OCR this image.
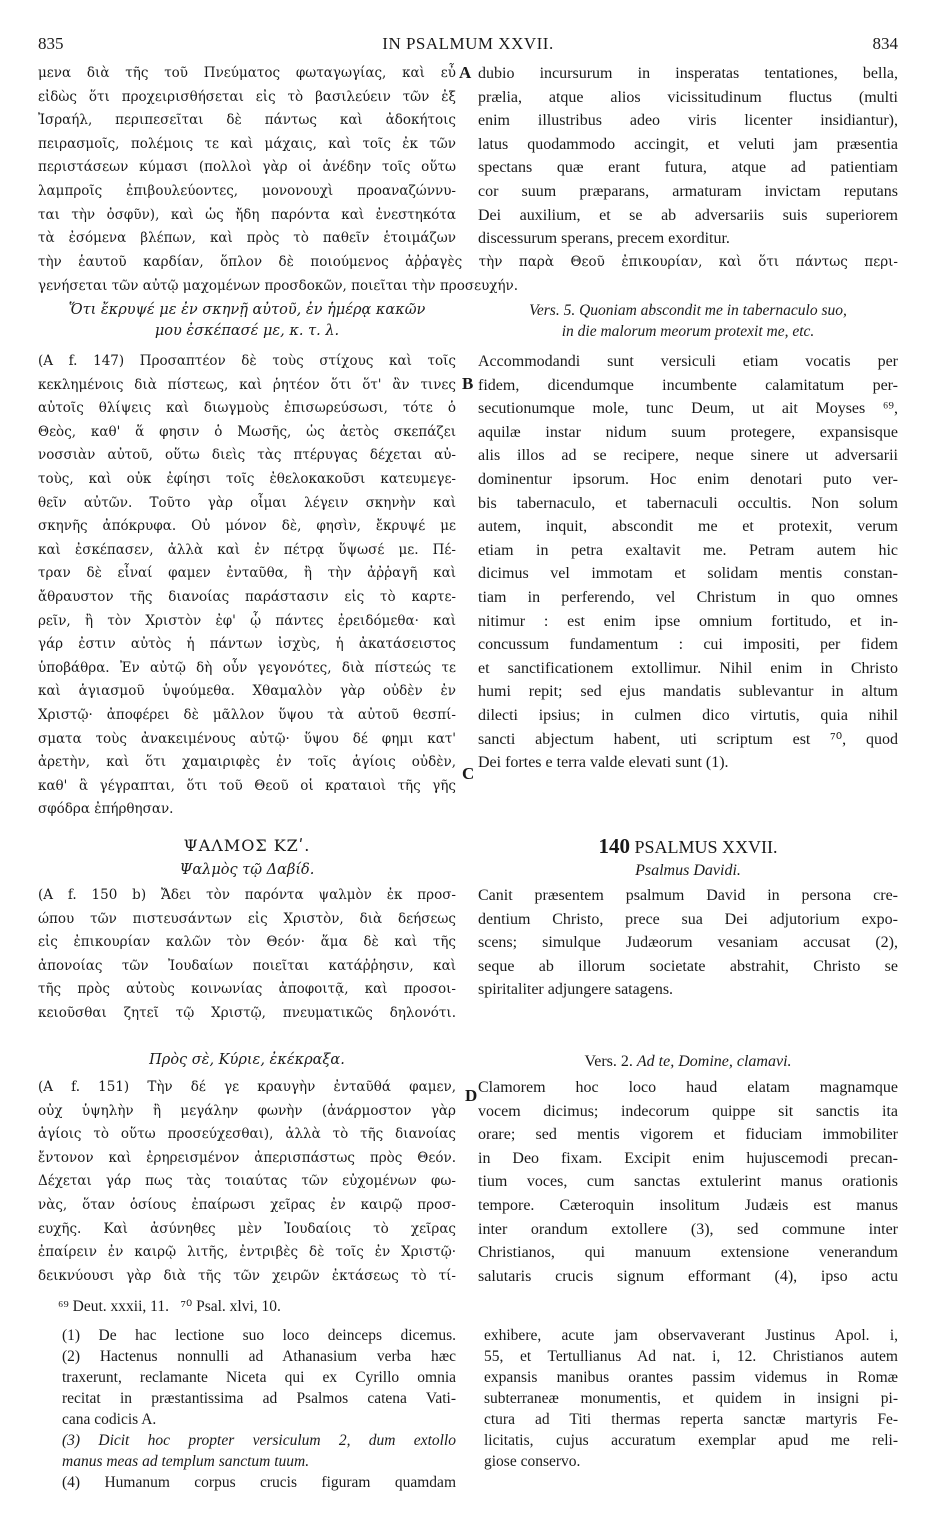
835	IN PSALMUM XXVII.	834
μενα διὰ τῆς τοῦ Πνεύματος φωταγωγίας, καὶ εὖ
εἰδὼς ὅτι προχειρισθήσεται εἰς τὸ βασιλεύειν τῶν ἐξ
Ἰσραήλ, περιπεσεῖται δὲ πάντως καὶ ἀδοκήτοις
πειρασμοῖς, πολέμοις τε καὶ μάχαις, καὶ τοῖς ἐκ τῶν
περιστάσεων κύμασι (πολλοὶ γὰρ οἱ ἀνέδην τοῖς οὕτω
λαμπροῖς ἐπιβουλεύοντες, μονονουχὶ προαναζώννυ-
ται τὴν ὀσφῦν), καὶ ὡς ἤδη παρόντα καὶ ἐνεστηκότα
τὰ ἐσόμενα βλέπων, καὶ πρὸς τὸ παθεῖν ἑτοιμάζων
A dubio incursurum in insperatas tentationes, bella,
prælia, atque alios vicissitudinum fluctus (multi
enim illustribus adeo viris licenter insidiantur),
latus quodammodo accingit, et veluti jam præsentia
spectans quæ erant futura, atque ad patientiam
cor suum præparans, armaturam invictam reputans
Dei auxilium, et se ab adversariis suis superiorem
discessurum sperans, precem exorditur.
τὴν ἑαυτοῦ καρδίαν, ὅπλον δὲ ποιούμενος ἀῤῥαγὲς τὴν παρὰ Θεοῦ ἐπικουρίαν, καὶ ὅτι πάντως περι-
γενήσεται τῶν αὐτῷ μαχομένων προσδοκῶν, ποιεῖται τὴν προσευχήν.
Ὅτι ἔκρυψέ με ἐν σκηνῇ αὐτοῦ, ἐν ἡμέρᾳ κακῶν
μου ἐσκέπασέ με, κ. τ. λ.
Vers. 5. Quoniam abscondit me in tabernaculo suo,
in die malorum meorum protexit me, etc.
(A f. 147) Προσαπτέον δὲ τοὺς στίχους καὶ τοῖς
κεκλημένοις διὰ πίστεως, καὶ ῥητέον ὅτι ὅτ' ἂν τινες
αὐτοῖς θλίψεις καὶ διωγμοὺς ἐπισωρεύσωσι, τότε ὁ
Θεὸς, καθ' ἅ φησιν ὁ Μωσῆς, ὡς ἀετὸς σκεπάζει
νοσσιὰν αὐτοῦ, οὕτω διεὶς τὰς πτέρυγας δέχεται αὐ-
τοὺς, καὶ οὐκ ἐφίησι τοῖς ἐθελοκακοῦσι κατευμεγε-
θεῖν αὐτῶν. Τοῦτο γὰρ οἶμαι λέγειν σκηνὴν καὶ
σκηνῆς ἀπόκρυφα. Οὐ μόνον δὲ, φησὶν, ἔκρυψέ με
καὶ ἐσκέπασεν, ἀλλὰ καὶ ἐν πέτρᾳ ὕψωσέ με. Πέ-
τραν δὲ εἶναί φαμεν ἐνταῦθα, ἢ τὴν ἀῤῥαγῆ καὶ
ἄθραυστον τῆς διανοίας παράστασιν εἰς τὸ καρτε-
ρεῖν, ἢ τὸν Χριστὸν ἐφ' ᾧ πάντες ἐρειδόμεθα· καὶ
γάρ ἐστιν αὐτὸς ἡ πάντων ἰσχὺς, ἡ ἀκατάσειστος
ὑποβάθρα. Ἐν αὐτῷ δὴ οὖν γεγονότες, διὰ πίστεώς τε
καὶ ἁγιασμοῦ ὑψούμεθα. Χθαμαλὸν γὰρ οὐδὲν ἐν
Χριστῷ· ἀποφέρει δὲ μᾶλλον ὕψου τὰ αὐτοῦ θεσπί-
σματα τοὺς ἀνακειμένους αὐτῷ· ὕψου δέ φημι κατ'
ἀρετὴν, καὶ ὅτι χαμαιριφὲς ἐν τοῖς ἁγίοις οὐδὲν,
καθ' ἃ γέγραπται, ὅτι τοῦ Θεοῦ οἱ κραταιοὶ τῆς γῆς
σφόδρα ἐπήρθησαν.
B
C
Accommodandi sunt versiculi etiam vocatis per
fidem, dicendumque incumbente calamitatum per-
secutionumque mole, tunc Deum, ut ait Moyses ⁶⁹,
aquilæ instar nidum suum protegere, expansisque
alis illos ad se recipere, neque sinere ut adversarii
dominentur ipsorum. Hoc enim denotari puto ver-
bis tabernaculo, et tabernaculi occultis. Non solum
autem, inquit, abscondit me et protexit, verum
etiam in petra exaltavit me. Petram autem hic
dicimus vel immotam et solidam mentis constan-
tiam in perferendo, vel Christum in quo omnes
nitimur : est enim ipse omnium fortitudo, et in-
concussum fundamentum : cui impositi, per fidem
et sanctificationem extollimur. Nihil enim in Christo
humi repit; sed ejus mandatis sublevantur in altum
dilecti ipsius; in culmen dico virtutis, quia nihil
sancti abjectum habent, uti scriptum est ⁷⁰, quod
Dei fortes e terra valde elevati sunt (1).
ΨΑΛΜΟΣ ΚΖʹ.
Ψαλμὸς τῷ Δαβίδ.
140 PSALMUS XXVII.
Psalmus Davidi.
(A f. 150 b) Ἄδει τὸν παρόντα ψαλμὸν ἐκ προσ-
ώπου τῶν πιστευσάντων εἰς Χριστὸν, διὰ δεήσεως
εἰς ἐπικουρίαν καλῶν τὸν Θεόν· ἅμα δὲ καὶ τῆς
ἀπονοίας τῶν Ἰουδαίων ποιεῖται κατάῤῥησιν, καὶ
τῆς πρὸς αὐτοὺς κοινωνίας ἀποφοιτᾷ, καὶ προσοι-
κειοῦσθαι ζητεῖ τῷ Χριστῷ, πνευματικῶς δηλονότι.
Canit præsentem psalmum David in persona cre-
dentium Christo, prece sua Dei adjutorium expo-
scens; simulque Judæorum vesaniam accusat (2),
seque ab illorum societate abstrahit, Christo se
spiritaliter adjungere satagens.
Πρὸς σὲ, Κύριε, ἐκέκραξα.	Vers. 2. Ad te, Domine, clamavi.
D
(A f. 151) Τὴν δέ γε κραυγὴν ἐνταῦθά φαμεν,
οὐχ ὑψηλὴν ἢ μεγάλην φωνὴν (ἀνάρμοστον γὰρ
ἁγίοις τὸ οὕτω προσεύχεσθαι), ἀλλὰ τὸ τῆς διανοίας
ἔντονον καὶ ἐρηρεισμένον ἀπερισπάστως πρὸς Θεόν.
Δέχεται γάρ πως τὰς τοιαύτας τῶν εὐχομένων φω-
νὰς, ὅταν ὁσίους ἐπαίρωσι χεῖρας ἐν καιρῷ προσ-
ευχῆς. Καὶ ἀσύνηθες μὲν Ἰουδαίοις τὸ χεῖρας
ἐπαίρειν ἐν καιρῷ λιτῆς, ἐντριβὲς δὲ τοῖς ἐν Χριστῷ·
δεικνύουσι γὰρ διὰ τῆς τῶν χειρῶν ἐκτάσεως τὸ τί-
Clamorem hoc loco haud elatam magnamque
vocem dicimus; indecorum quippe sit sanctis ita
orare; sed mentis vigorem et fiduciam immobiliter
in Deo fixam. Excipit enim hujuscemodi precan-
tium voces, cum sanctas extulerint manus orationis
tempore. Cæteroquin insolitum Judæis est manus
inter orandum extollere (3), sed commune inter
Christianos, qui manuum extensione venerandum
salutaris crucis signum efformant (4), ipso actu
⁶⁹ Deut. xxxii, 11.   ⁷⁰ Psal. xlvi, 10.
(1) De hac lectione suo loco deinceps dicemus.
(2) Hactenus nonnulli ad Athanasium verba hæc
traxerunt, reclamante Niceta qui ex Cyrillo omnia
recitat in præstantissima ad Psalmos catena Vati-
cana codicis A.
(3) Dicit hoc propter versiculum 2, dum extollo
manus meas ad templum sanctum tuum.
(4) Humanum corpus crucis figuram quamdam
exhibere, acute jam observaverant Justinus Apol. i,
55, et Tertullianus Ad nat. i, 12. Christianos autem
expansis manibus orantes passim videmus in Romæ
subterraneæ monumentis, et quidem in insigni pi-
ctura ad Titi thermas reperta sanctæ martyris Fe-
licitatis, cujus accuratum exemplar apud me reli-
giose conservo.
